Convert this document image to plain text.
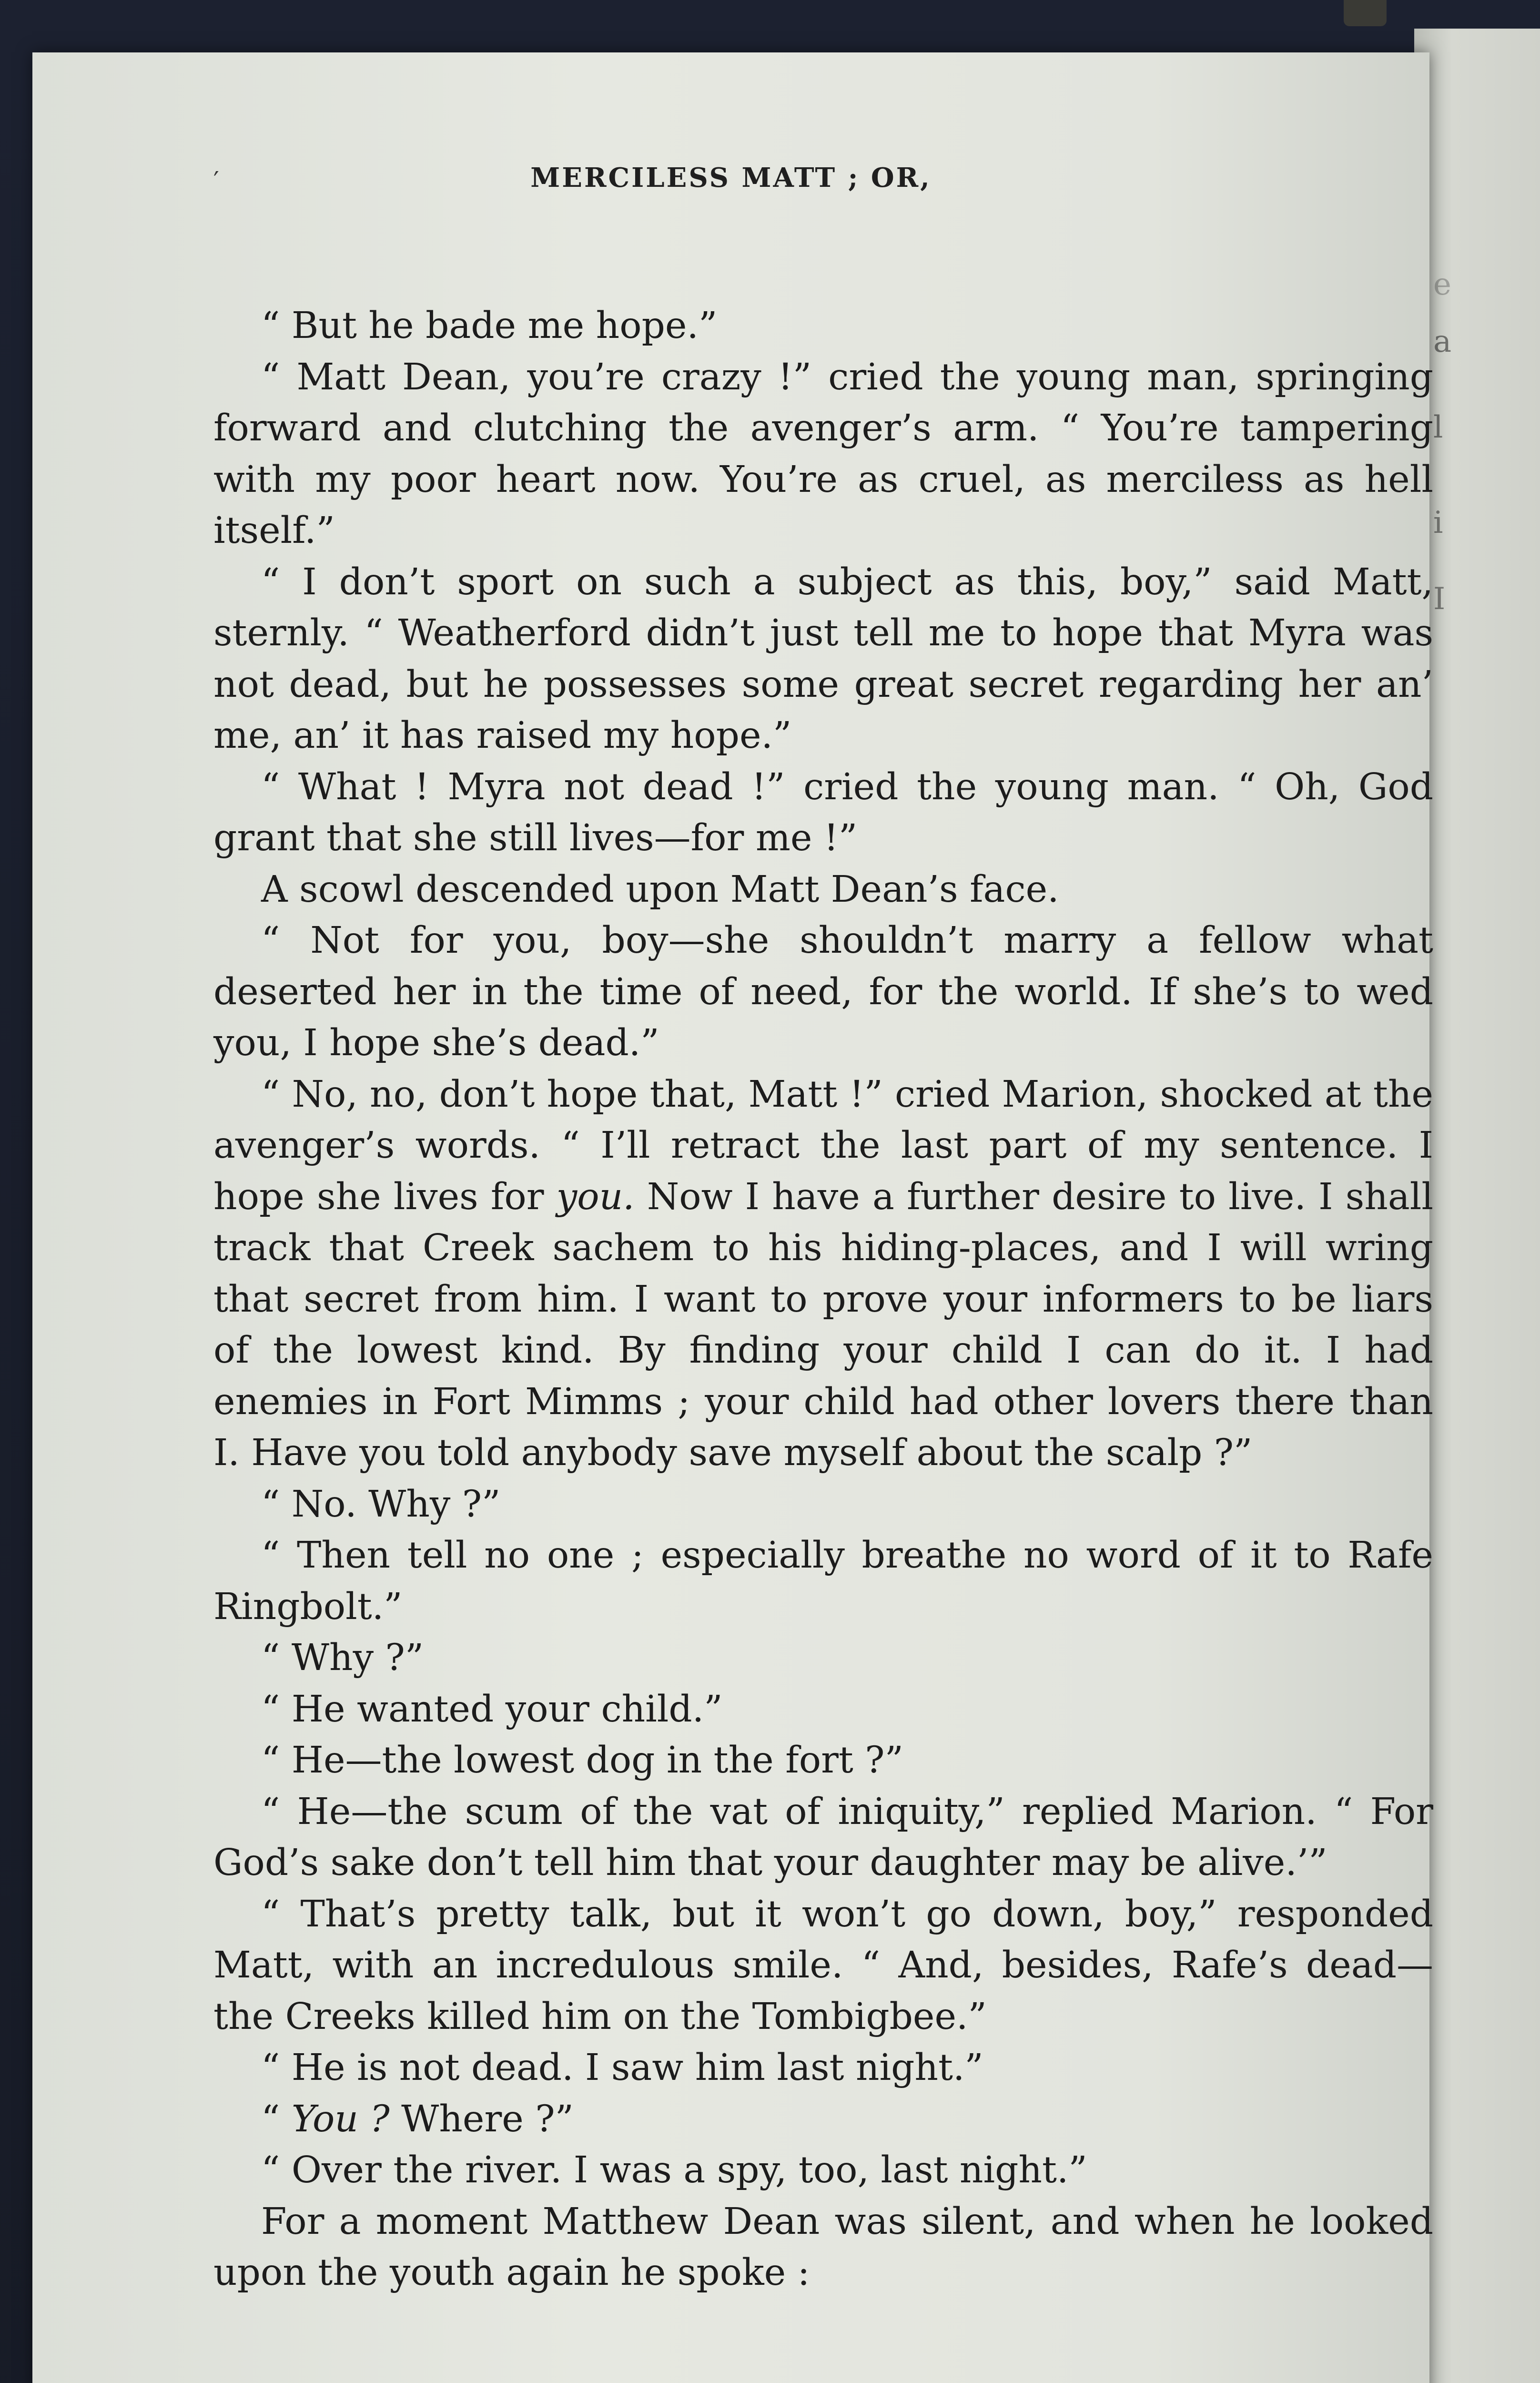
e
a
l
i
I
′	MERCILESS MATT ; OR,

“ But he bade me hope.”

“ Matt Dean, you’re crazy !” cried the young man, springing forward and clutching the avenger’s arm. “ You’re tampering with my poor heart now. You’re as cruel, as merciless as hell itself.”

“ I don’t sport on such a subject as this, boy,” said Matt, sternly. “ Weatherford didn’t just tell me to hope that Myra was not dead, but he possesses some great secret regarding her an’ me, an’ it has raised my hope.”

“ What ! Myra not dead !” cried the young man. “ Oh, God grant that she still lives—for me !”

A scowl descended upon Matt Dean’s face.

“ Not for you, boy—she shouldn’t marry a fellow what deserted her in the time of need, for the world. If she’s to wed you, I hope she’s dead.”

“ No, no, don’t hope that, Matt !” cried Marion, shocked at the avenger’s words. “ I’ll retract the last part of my sentence. I hope she lives for you. Now I have a further desire to live. I shall track that Creek sachem to his hiding-places, and I will wring that secret from him. I want to prove your informers to be liars of the lowest kind. By finding your child I can do it. I had enemies in Fort Mimms ; your child had other lovers there than I. Have you told anybody save myself about the scalp ?”

“ No. Why ?”

“ Then tell no one ; especially breathe no word of it to Rafe Ringbolt.”

“ Why ?”

“ He wanted your child.”

“ He—the lowest dog in the fort ?”

“ He—the scum of the vat of iniquity,” replied Marion. “ For God’s sake don’t tell him that your daughter may be alive.’”

“ That’s pretty talk, but it won’t go down, boy,” responded Matt, with an incredulous smile. “ And, besides, Rafe’s dead—the Creeks killed him on the Tombigbee.”

“ He is not dead. I saw him last night.”

“ You ? Where ?”

“ Over the river. I was a spy, too, last night.”

For a moment Matthew Dean was silent, and when he looked upon the youth again he spoke :
